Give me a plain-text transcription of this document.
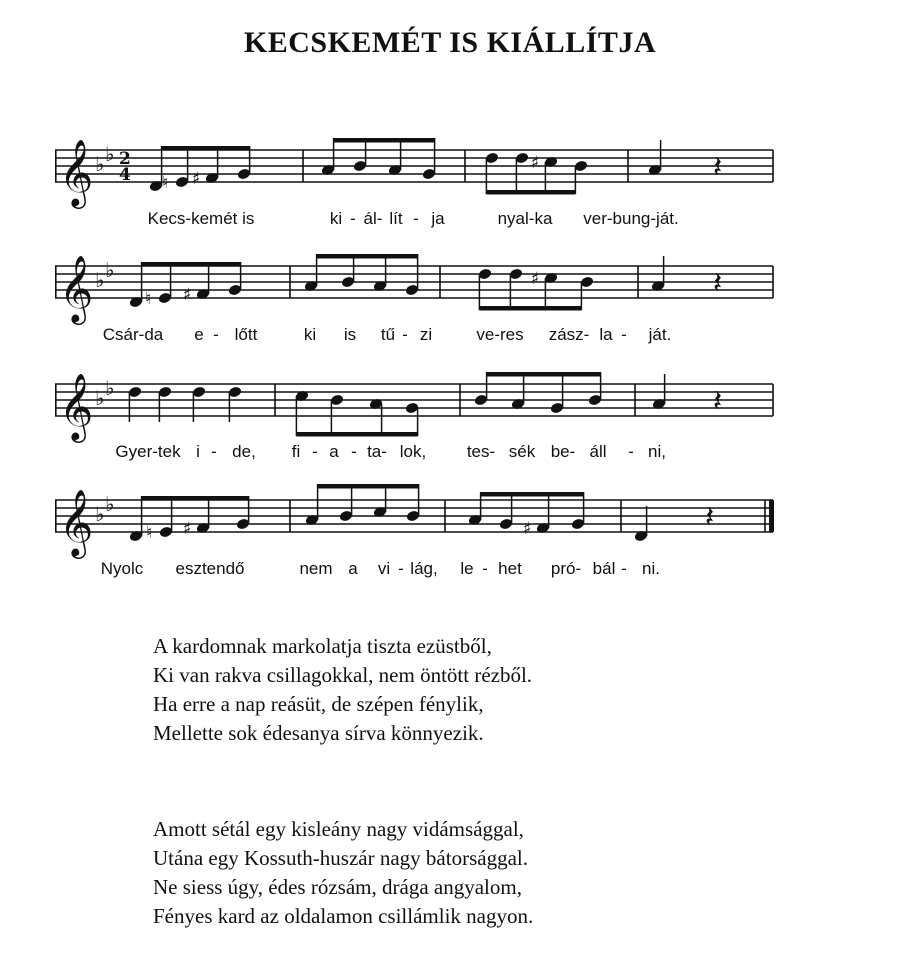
KECSKEMÉT IS KIÁLLÍTJA
𝄞 ♭ ♭ 2
4 ♮ ♯
♯	𝄽
𝄞 ♭ ♭
♮ ♯
♯	𝄽
𝄞 ♭ ♭	𝄽
𝄞 ♭ ♭
♮ ♯	♯	𝄽
Kecs-kemét is	ki - ál- lít - ja	nyal-ka ver-bung-ját.
Csár-da e - lőtt	ki is tű - zi	ve-res zász- la - ját.
Gyer-tek i - de, fi - a - ta- lok, tes- sék be- áll - ni,
Nyolc esztendő	nem a vi - lág, le - het pró- bál - ni.
A kardomnak markolatja tiszta ezüstből,
Ki van rakva csillagokkal, nem öntött rézből.
Ha erre a nap reásüt, de szépen fénylik,
Mellette sok édesanya sírva könnyezik.
Amott sétál egy kisleány nagy vidámsággal,
Utána egy Kossuth-huszár nagy bátorsággal.
Ne siess úgy, édes rózsám, drága angyalom,
Fényes kard az oldalamon csillámlik nagyon.
